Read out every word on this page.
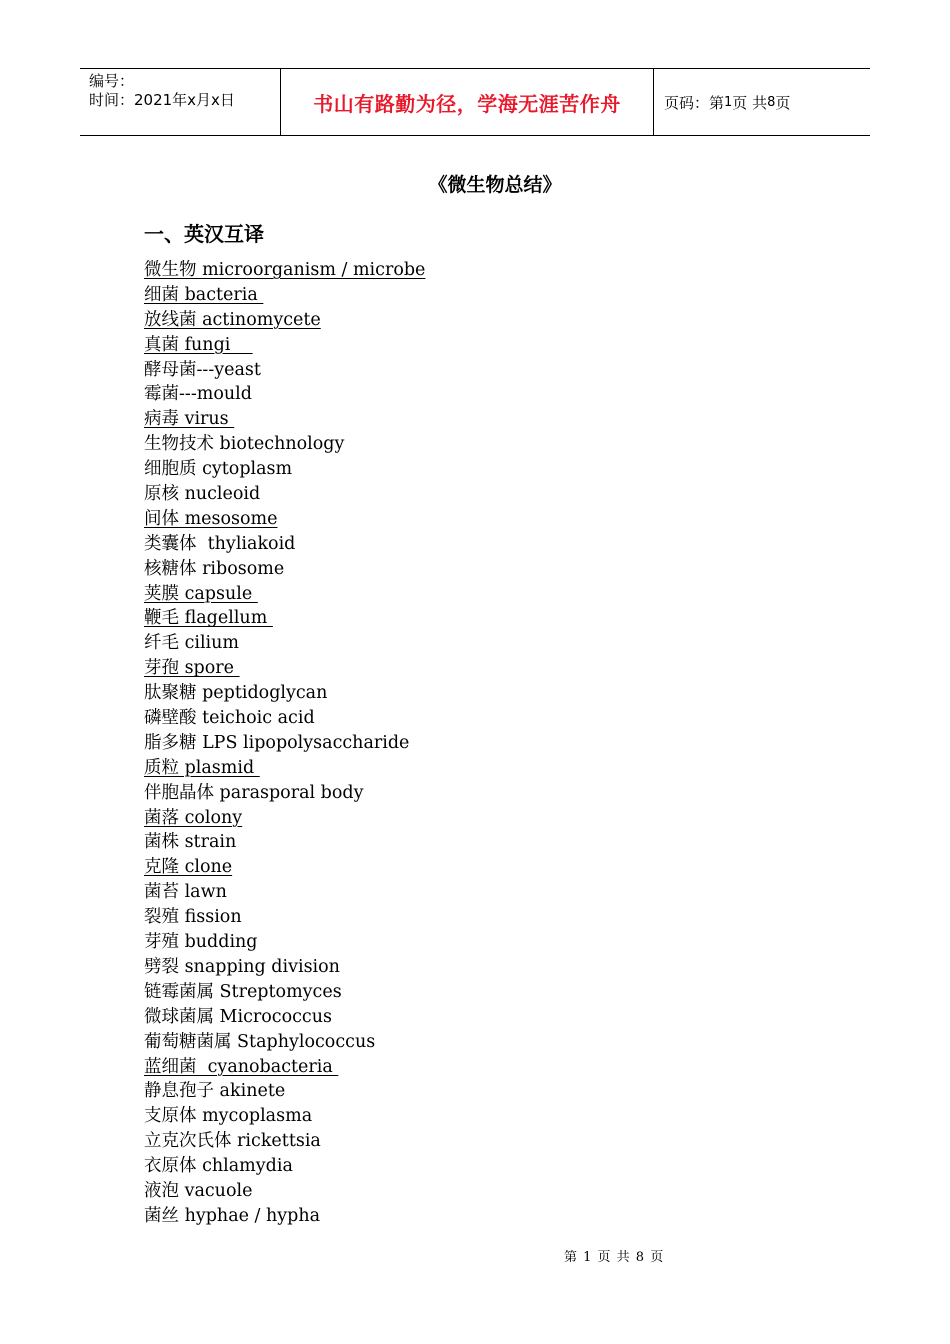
编号：
时间：2021年x月x日	书山有路勤为径，学海无涯苦作舟	页码：第 1 页 共 8 页
《微生物总结》
一、英汉互译
微生物 microorganism / microbe
细菌 bacteria
放线菌 actinomycete
真菌 fungi
酵母菌---yeast
霉菌---mould
病毒 virus
生物技术 biotechnology
细胞质 cytoplasm
原核 nucleoid
间体 mesosome
类囊体  thyliakoid
核糖体 ribosome
荚膜 capsule
鞭毛 flagellum
纤毛 cilium
芽孢 spore
肽聚糖 peptidoglycan
磷壁酸 teichoic acid
脂多糖 LPS lipopolysaccharide
质粒 plasmid
伴胞晶体 parasporal body
菌落 colony
菌株 strain
克隆 clone
菌苔 lawn
裂殖 fission
芽殖 budding
劈裂 snapping division
链霉菌属 Streptomyces
微球菌属 Micrococcus
葡萄糖菌属 Staphylococcus
蓝细菌  cyanobacteria
静息孢子 akinete
支原体 mycoplasma
立克次氏体 rickettsia
衣原体 chlamydia
液泡 vacuole
菌丝 hyphae / hypha
第 1 页 共 8 页
